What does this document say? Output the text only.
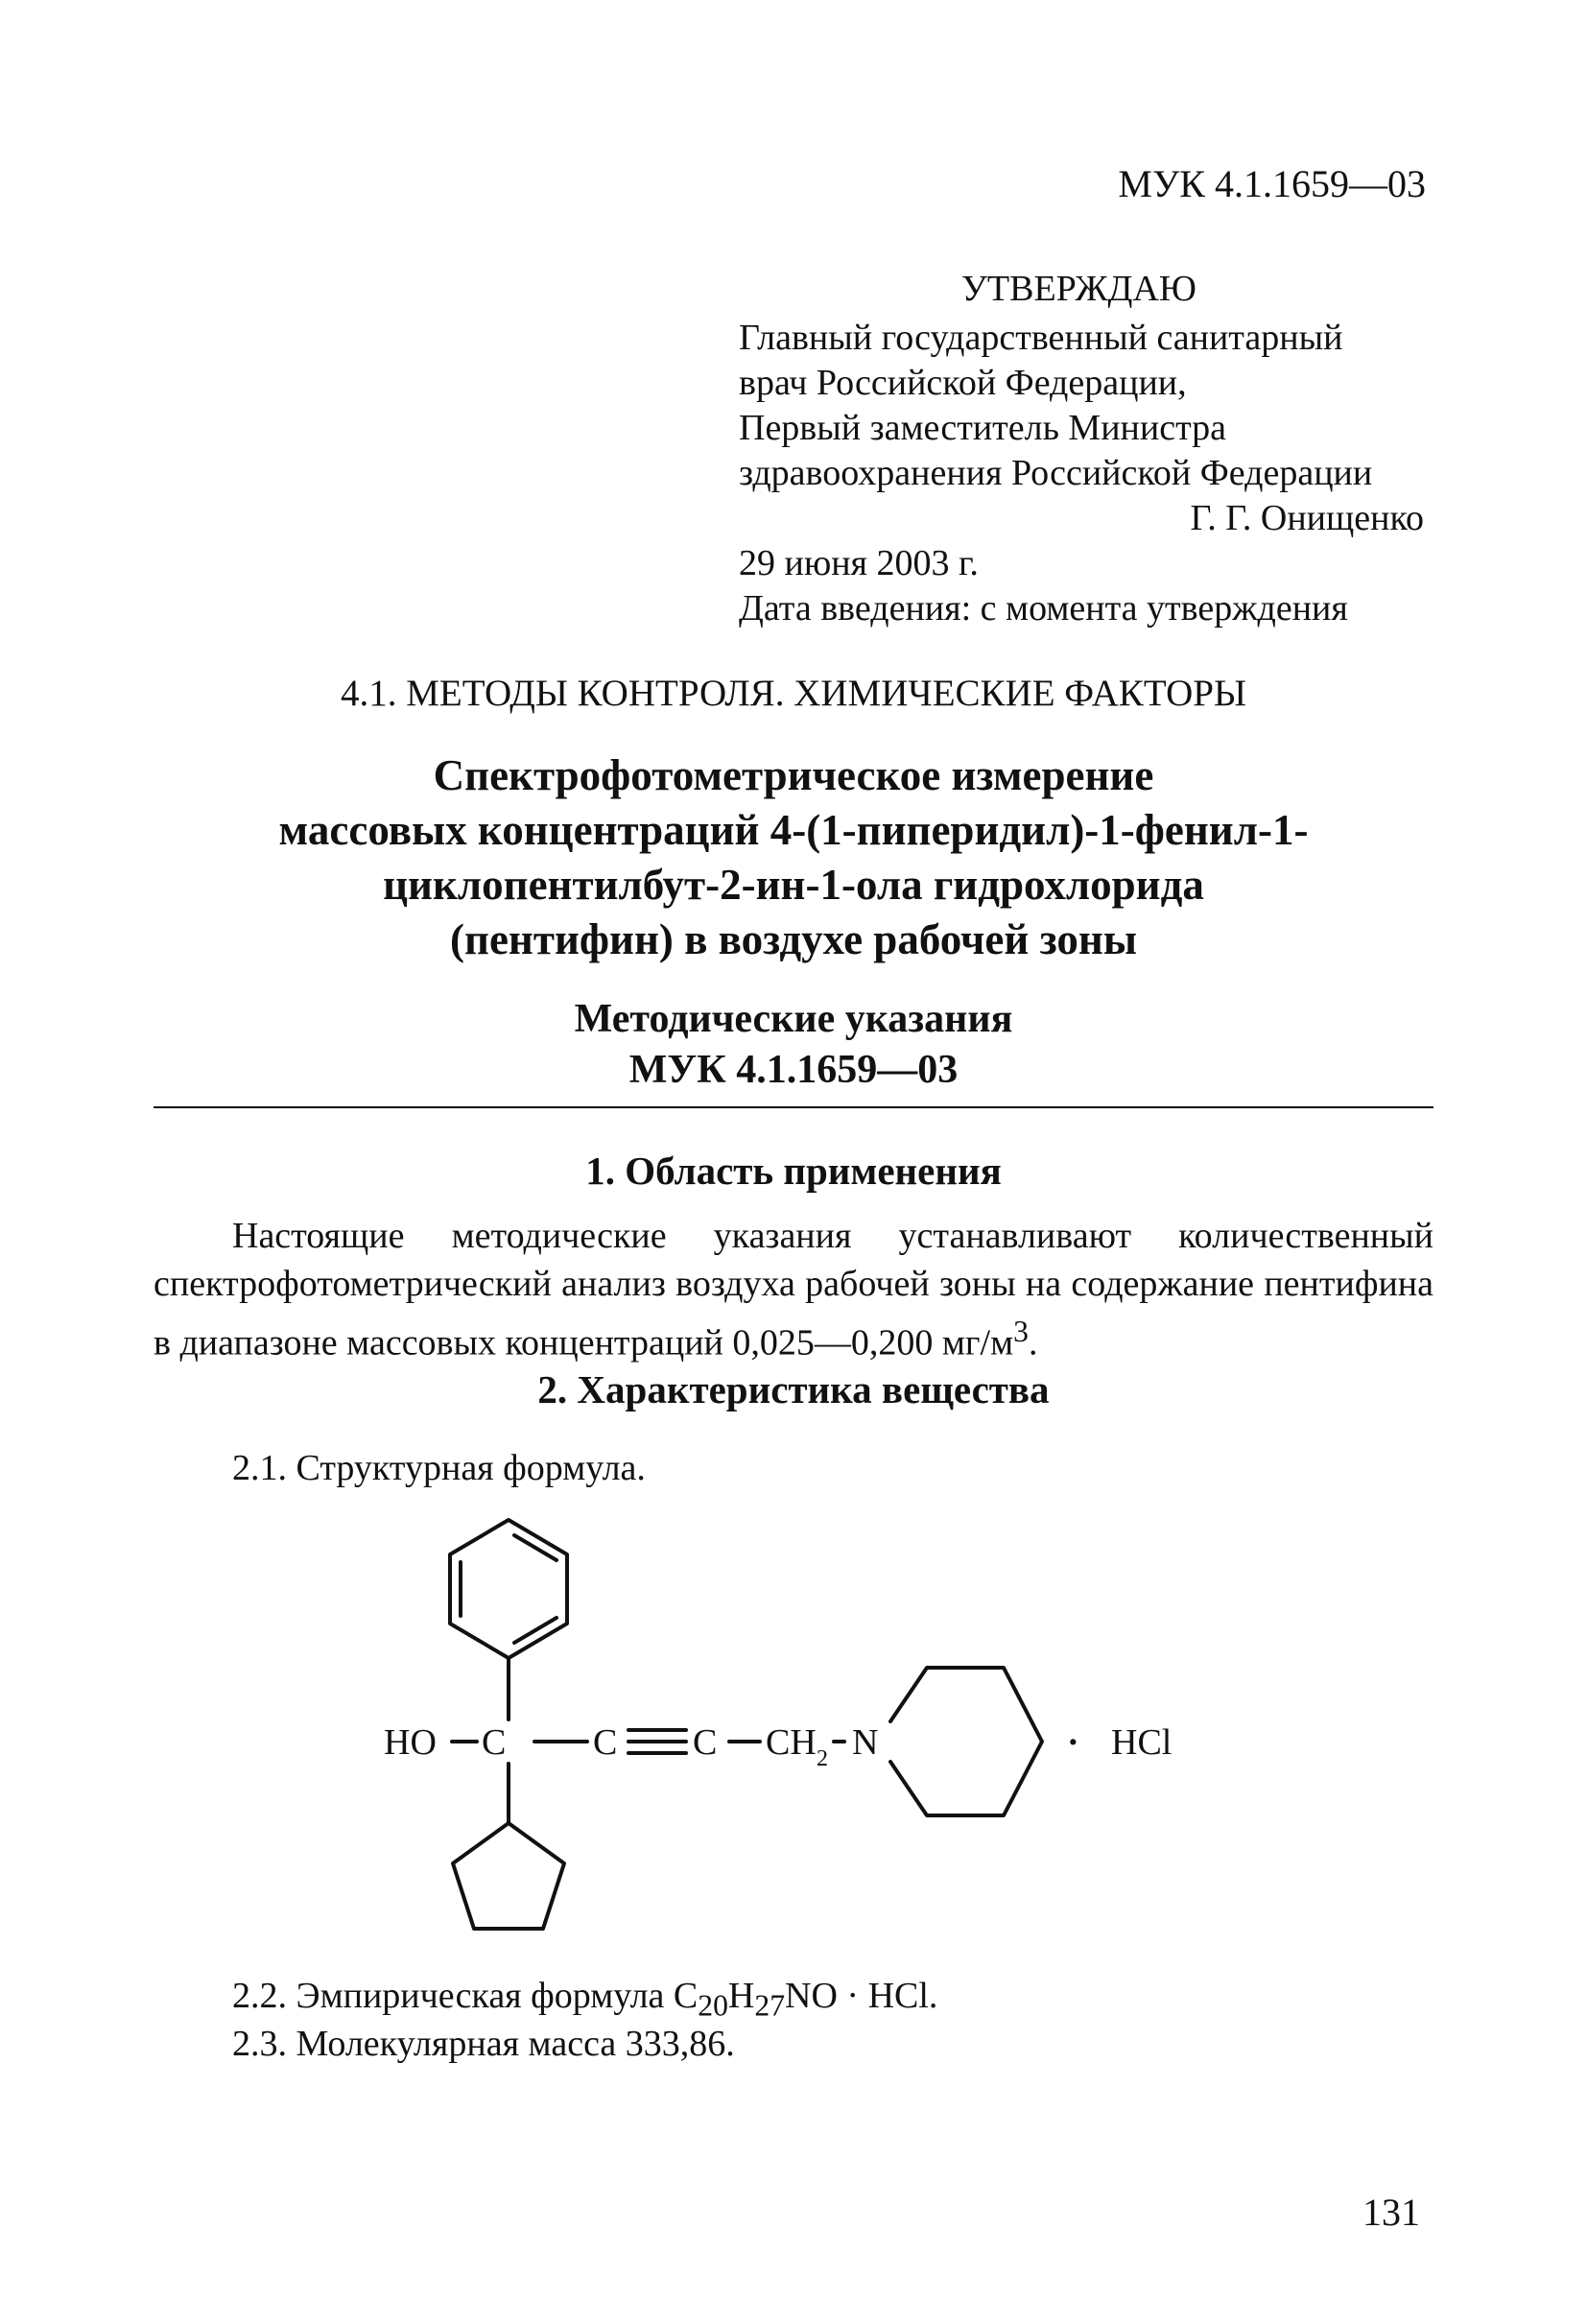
МУК 4.1.1659—03
УТВЕРЖДАЮ
Главный государственный санитарный
врач Российской Федерации,
Первый заместитель Министра
здравоохранения Российской Федерации
Г. Г. Онищенко
29 июня 2003 г.
Дата введения: с момента утверждения
4.1. МЕТОДЫ КОНТРОЛЯ. ХИМИЧЕСКИЕ ФАКТОРЫ
Спектрофотометрическое измерение
массовых концентраций 4-(1-пиперидил)-1-фенил-1-
циклопентилбут-2-ин-1-ола гидрохлорида
(пентифин) в воздухе рабочей зоны
Методические указания
МУК 4.1.1659—03
1. Область применения
Настоящие методические указания устанавливают количественный спектрофотометрический анализ воздуха рабочей зоны на содержание пентифина в диапазоне массовых концентраций 0,025—0,200 $мг/м^3$.
2. Характеристика вещества
2.1. Структурная формула.
HO C C C CH 2 N	· HCl
2.2. Эмпирическая формула $C_{20}H_{27}NO$ · HCl.
2.3. Молекулярная масса 333,86.
131
